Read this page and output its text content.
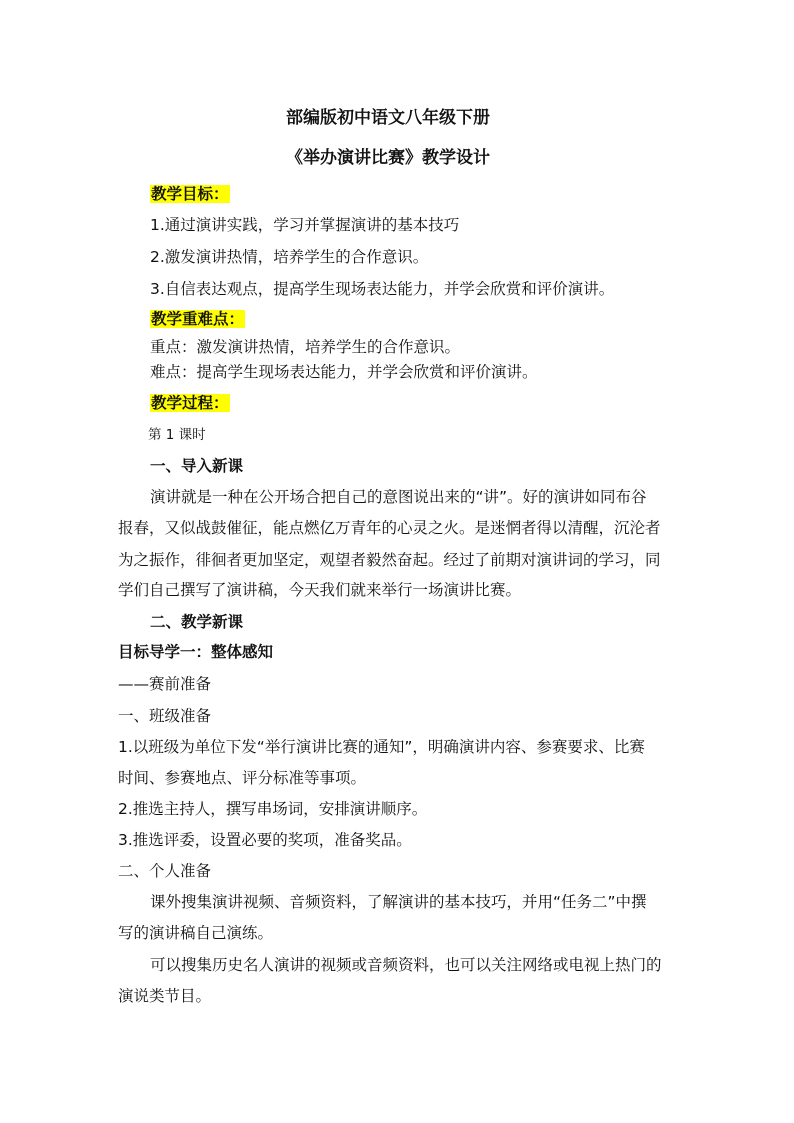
部编版初中语文八年级下册
《举办演讲比赛》教学设计
教学目标：
1.通过演讲实践，学习并掌握演讲的基本技巧
2.激发演讲热情，培养学生的合作意识。
3.自信表达观点，提高学生现场表达能力，并学会欣赏和评价演讲。
教学重难点：
重点：激发演讲热情，培养学生的合作意识。
难点：提高学生现场表达能力，并学会欣赏和评价演讲。
教学过程：
第 1 课时
一、导入新课
演讲就是一种在公开场合把自己的意图说出来的“讲”。好的演讲如同布谷
报春，又似战鼓催征，能点燃亿万青年的心灵之火。是迷惘者得以清醒，沉沦者
为之振作，徘徊者更加坚定，观望者毅然奋起。经过了前期对演讲词的学习，同
学们自己撰写了演讲稿，今天我们就来举行一场演讲比赛。
二、教学新课
目标导学一：整体感知
——赛前准备
一、班级准备
1.以班级为单位下发“举行演讲比赛的通知”，明确演讲内容、参赛要求、比赛
时间、参赛地点、评分标准等事项。
2.推选主持人，撰写串场词，安排演讲顺序。
3.推选评委，设置必要的奖项，准备奖品。
二、个人准备
课外搜集演讲视频、音频资料，了解演讲的基本技巧，并用“任务二”中撰
写的演讲稿自己演练。
可以搜集历史名人演讲的视频或音频资料，也可以关注网络或电视上热门的
演说类节目。
